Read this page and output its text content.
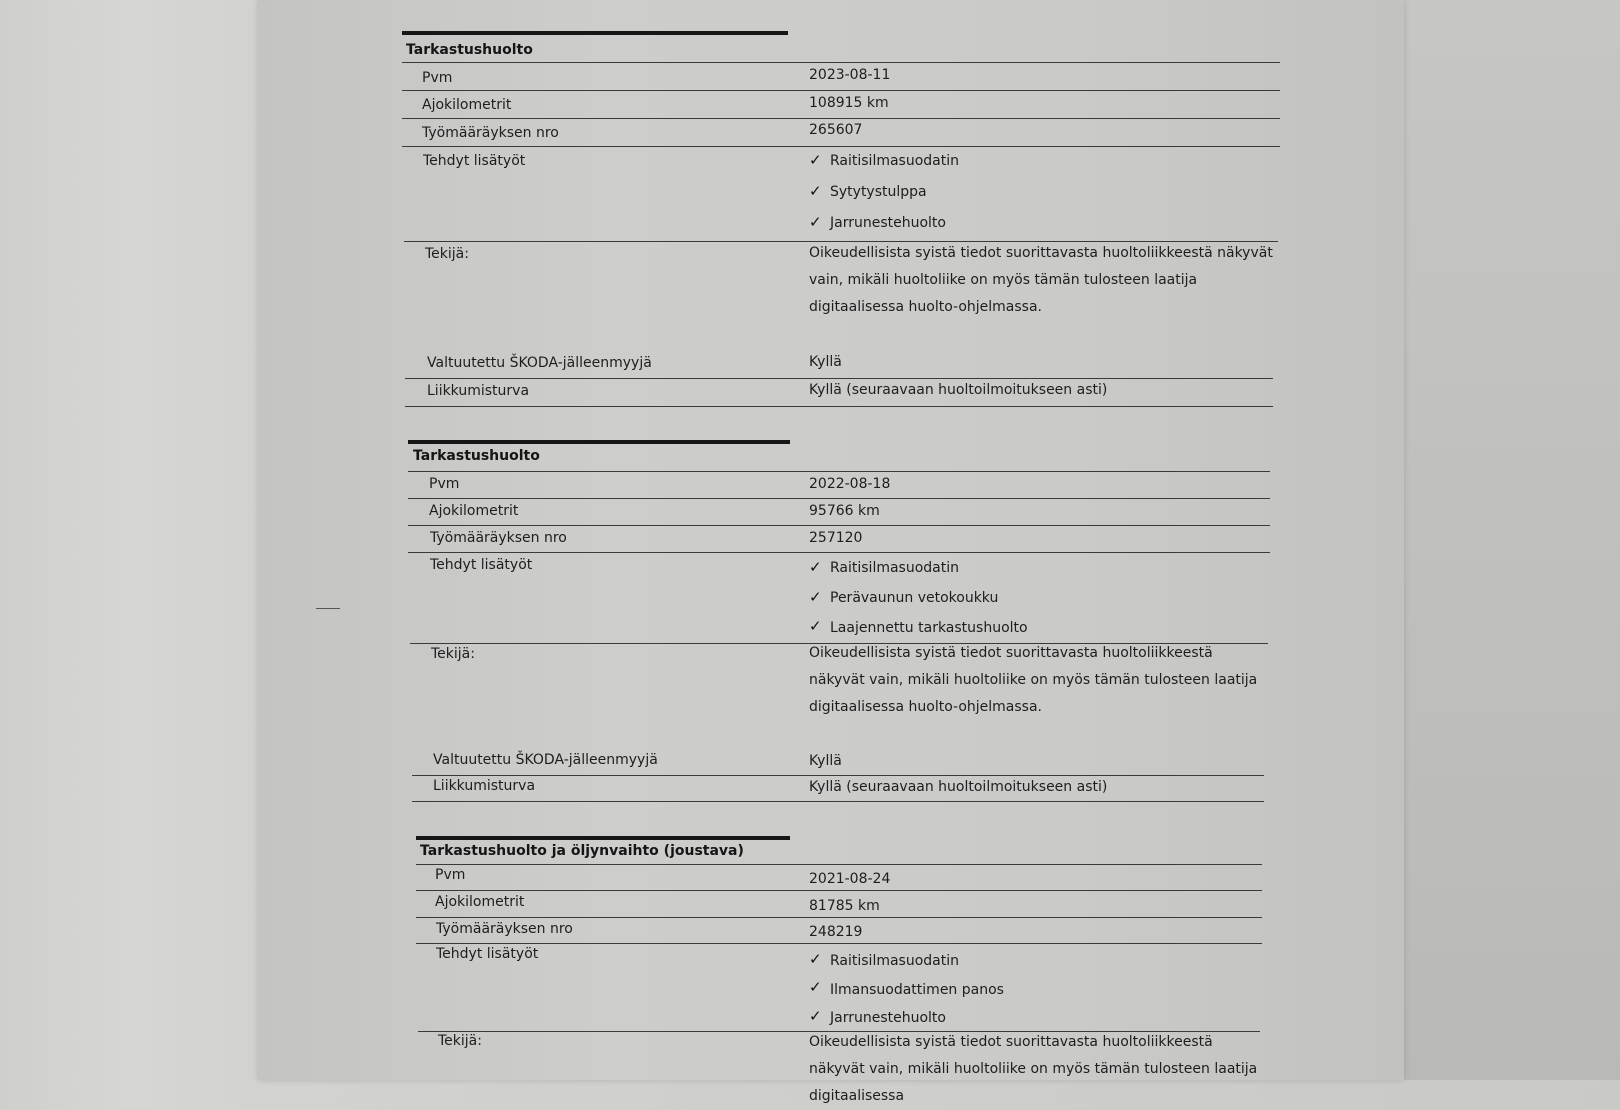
Tarkastushuolto
Pvm	2023-08-11
Ajokilometrit	108915 km
Työmääräyksen nro	265607
Tehdyt lisätyöt	✓ Raitisilmasuodatin
✓ Sytytystulppa
✓ Jarrunestehuolto
Tekijä:	Oikeudellisista syistä tiedot suorittavasta huoltoliikkeestä näkyvät vain, mikäli huoltoliike on myös tämän tulosteen laatija digitaalisessa huolto-ohjelmassa.
Valtuutettu ŠKODA-jälleenmyyjä	Kyllä
Liikkumisturva	Kyllä (seuraavaan huoltoilmoitukseen asti)
Tarkastushuolto
Pvm	2022-08-18
Ajokilometrit	95766 km
Työmääräyksen nro	257120
Tehdyt lisätyöt	✓ Raitisilmasuodatin
✓ Perävaunun vetokoukku
✓ Laajennettu tarkastushuolto
Tekijä:	Oikeudellisista syistä tiedot suorittavasta huoltoliikkeestä näkyvät vain, mikäli huoltoliike on myös tämän tulosteen laatija digitaalisessa huolto-ohjelmassa.
Valtuutettu ŠKODA-jälleenmyyjä	Kyllä
Liikkumisturva	Kyllä (seuraavaan huoltoilmoitukseen asti)
Tarkastushuolto ja öljynvaihto (joustava)
Pvm	2021-08-24
Ajokilometrit	81785 km
Työmääräyksen nro	248219
Tehdyt lisätyöt	✓ Raitisilmasuodatin
✓ Ilmansuodattimen panos
✓ Jarrunestehuolto
Tekijä:	Oikeudellisista syistä tiedot suorittavasta huoltoliikkeestä näkyvät vain, mikäli huoltoliike on myös tämän tulosteen laatija digitaalisessa
